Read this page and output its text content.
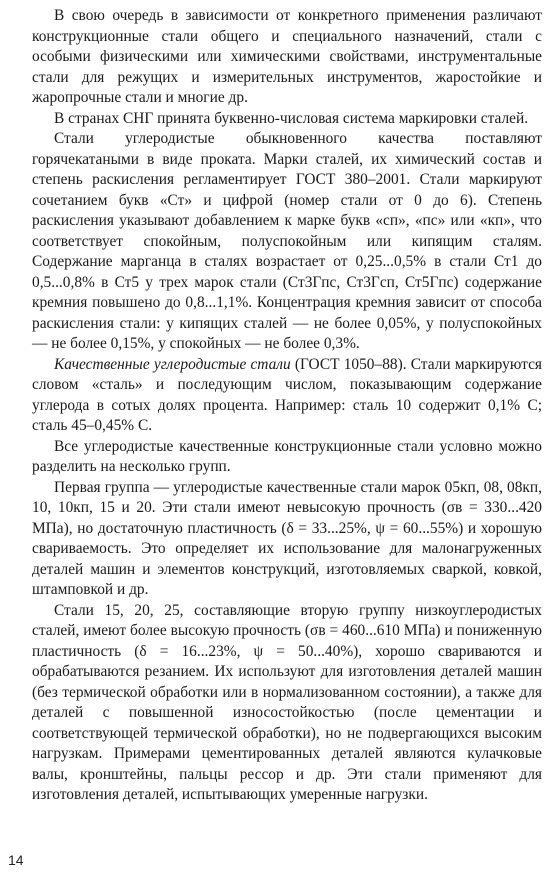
В свою очередь в зависимости от конкретного применения различают конструкционные стали общего и специального назначений, стали с особыми физическими или химическими свойствами, инструментальные стали для режущих и измерительных инструментов, жаростойкие и жаропрочные стали и многие др.

В странах СНГ принята буквенно-числовая система маркировки сталей.

Стали углеродистые обыкновенного качества поставляют горячекатаными в виде проката. Марки сталей, их химический состав и степень раскисления регламентирует ГОСТ 380–2001. Стали маркируют сочетанием букв «Ст» и цифрой (номер стали от 0 до 6). Степень раскисления указывают добавлением к марке букв «сп», «пс» или «кп», что соответствует спокойным, полуспокойным или кипящим сталям. Содержание марганца в сталях возрастает от 0,25...0,5% в стали Ст1 до 0,5...0,8% в Ст5 у трех марок стали (Ст3Гпс, Ст3Гсп, Ст5Гпс) содержание кремния повышено до 0,8...1,1%. Концентрация кремния зависит от способа раскисления стали: у кипящих сталей — не более 0,05%, у полуспокойных — не более 0,15%, у спокойных — не более 0,3%.

Качественные углеродистые стали (ГОСТ 1050–88). Стали маркируются словом «сталь» и последующим числом, показывающим содержание углерода в сотых долях процента. Например: сталь 10 содержит 0,1% С; сталь 45–0,45% С.

Все углеродистые качественные конструкционные стали условно можно разделить на несколько групп.

Первая группа — углеродистые качественные стали марок 05кп, 08, 08кп, 10, 10кп, 15 и 20. Эти стали имеют невысокую прочность (σв = 330...420 МПа), но достаточную пластичность (δ = 33...25%, ψ = 60...55%) и хорошую свариваемость. Это определяет их использование для малонагруженных деталей машин и элементов конструкций, изготовляемых сваркой, ковкой, штамповкой и др.

Стали 15, 20, 25, составляющие вторую группу низкоуглеродистых сталей, имеют более высокую прочность (σв = 460...610 МПа) и пониженную пластичность (δ = 16...23%, ψ = 50...40%), хорошо свариваются и обрабатываются резанием. Их используют для изготовления деталей машин (без термической обработки или в нормализованном состоянии), а также для деталей с повышенной износостойкостью (после цементации и соответствующей термической обработки), но не подвергающихся высоким нагрузкам. Примерами цементированных деталей являются кулачковые валы, кронштейны, пальцы рессор и др. Эти стали применяют для изготовления деталей, испытывающих умеренные нагрузки.

14
